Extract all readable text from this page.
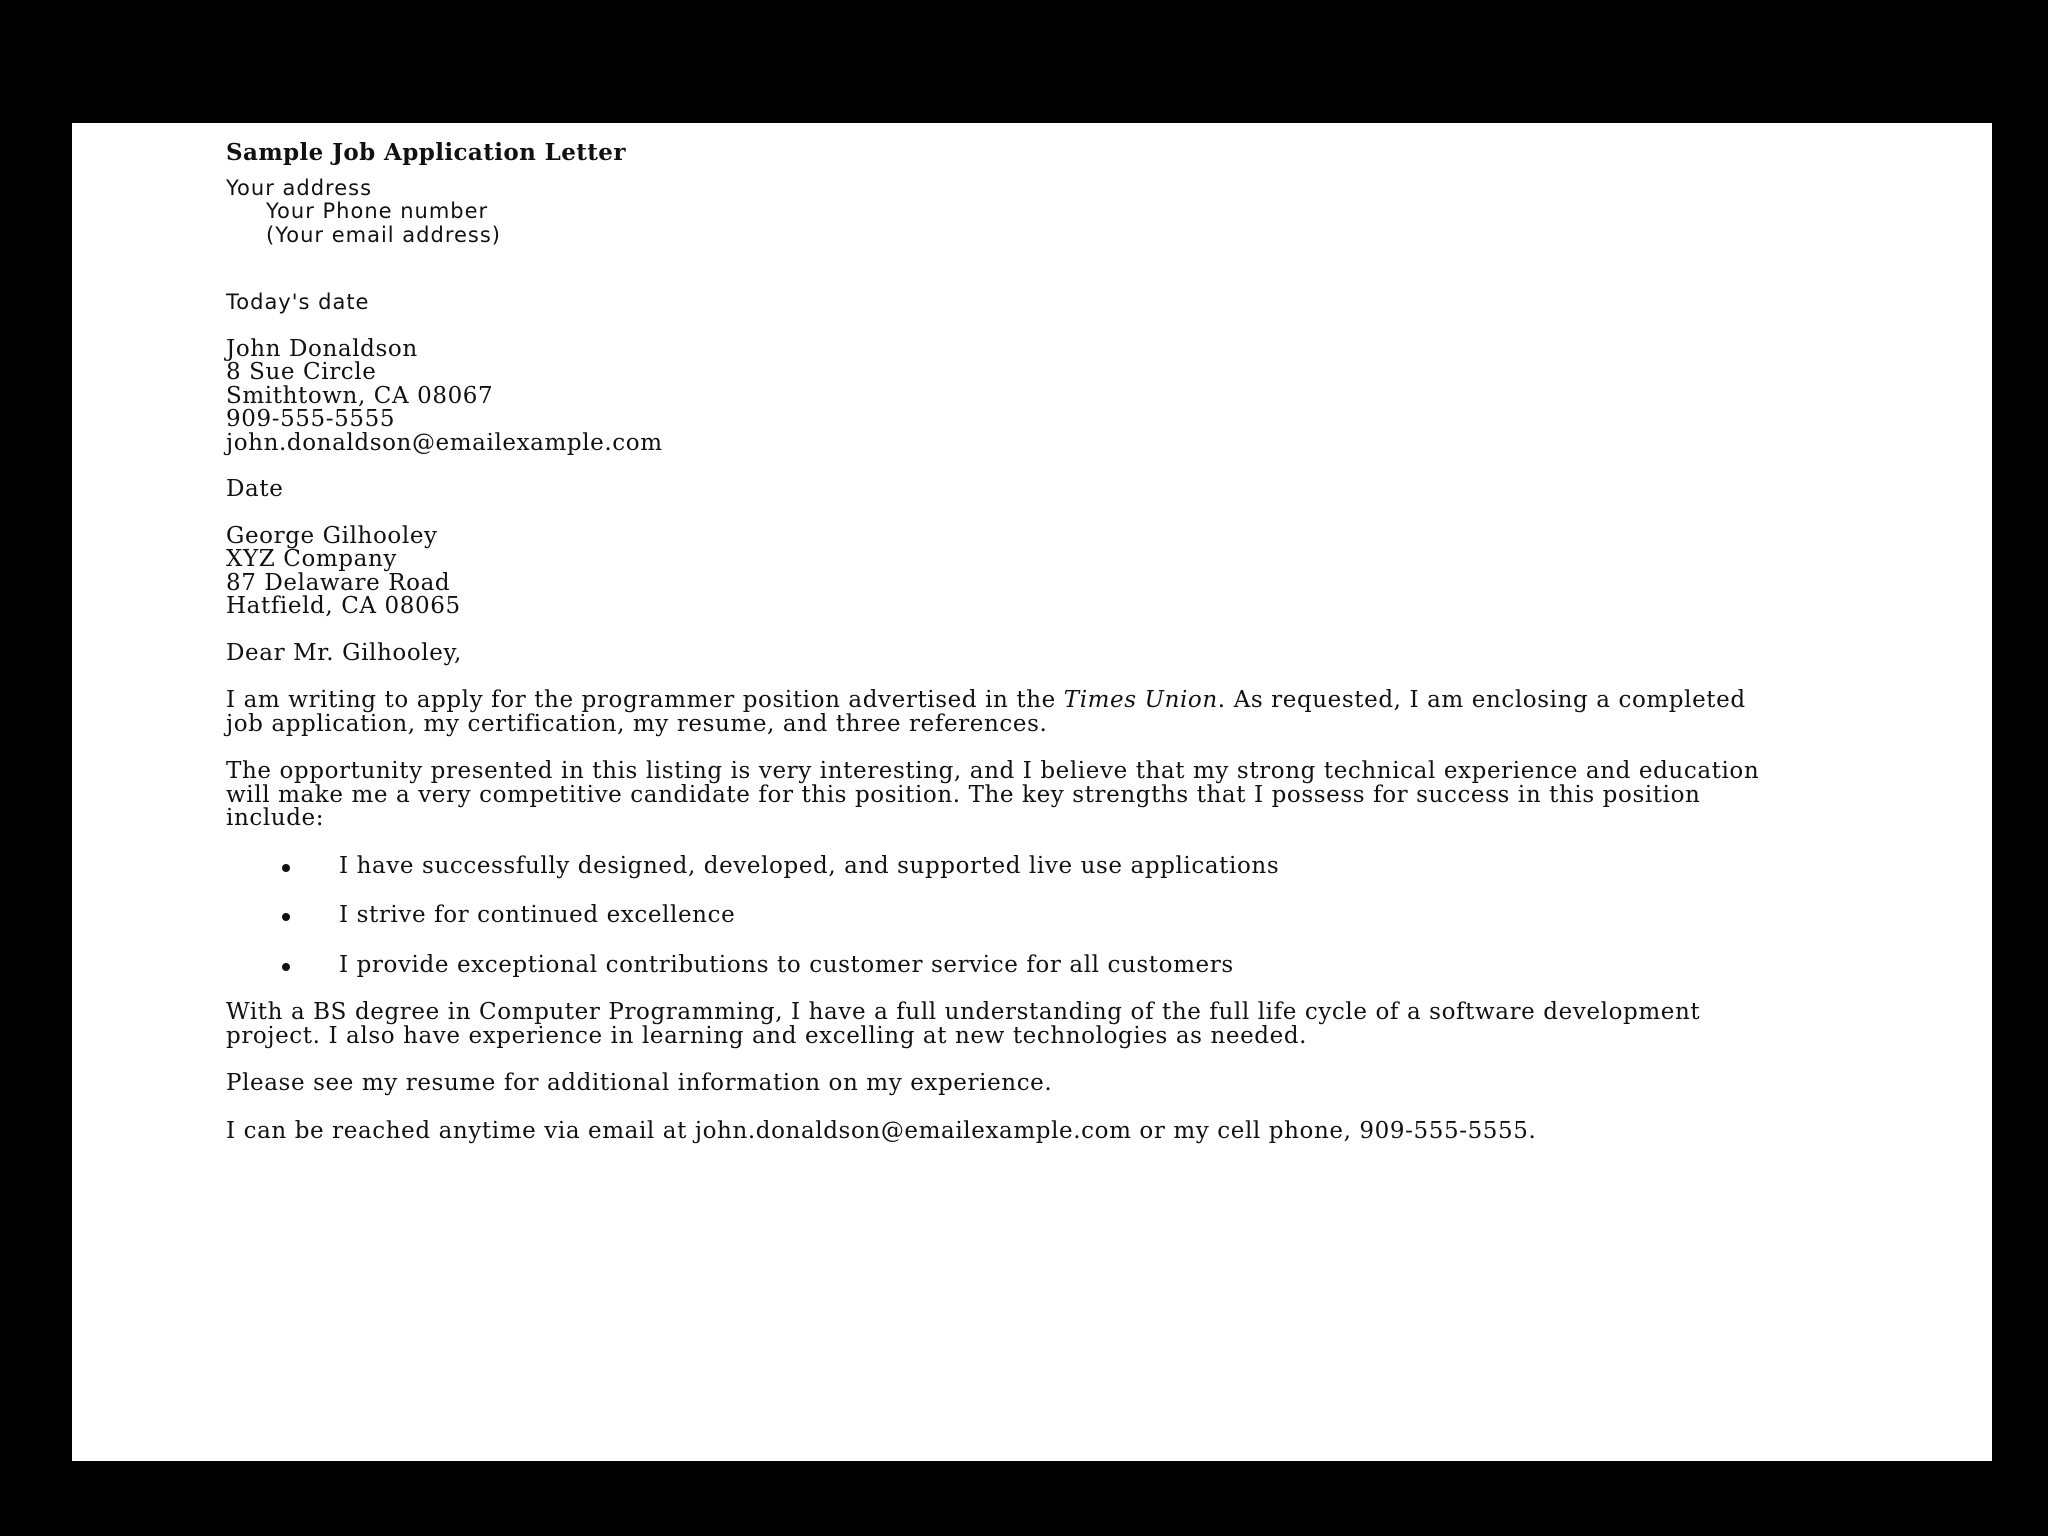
Sample Job Application Letter
Your address
Your Phone number
(Your email address)
Today's date
John Donaldson
8 Sue Circle
Smithtown, CA 08067
909-555-5555
john.donaldson@emailexample.com
Date
George Gilhooley
XYZ Company
87 Delaware Road
Hatfield, CA 08065
Dear Mr. Gilhooley,

I am writing to apply for the programmer position advertised in the Times Union. As requested, I am enclosing a completed job application, my certification, my resume, and three references.

The opportunity presented in this listing is very interesting, and I believe that my strong technical experience and education will make me a very competitive candidate for this position. The key strengths that I possess for success in this position include:

I have successfully designed, developed, and supported live use applications
I strive for continued excellence
I provide exceptional contributions to customer service for all customers

With a BS degree in Computer Programming, I have a full understanding of the full life cycle of a software development project. I also have experience in learning and excelling at new technologies as needed.

Please see my resume for additional information on my experience.

I can be reached anytime via email at john.donaldson@emailexample.com or my cell phone, 909-555-5555.
